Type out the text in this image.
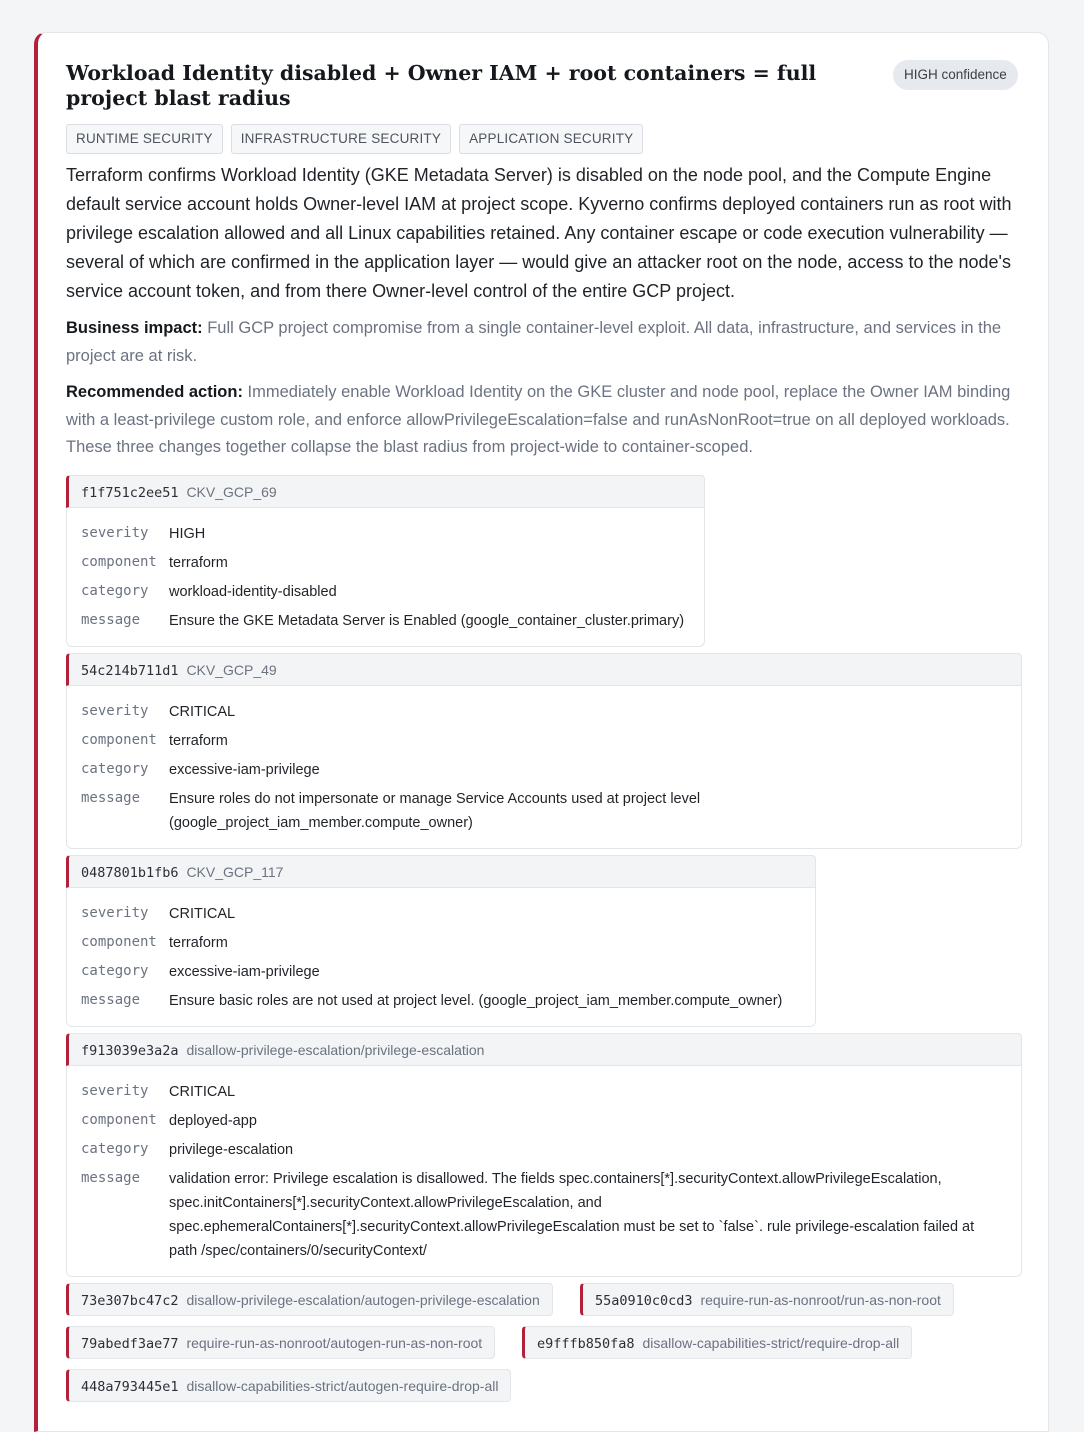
Workload Identity disabled + Owner IAM + root containers = full project blast radius
HIGH confidence
RUNTIME SECURITY	INFRASTRUCTURE SECURITY	APPLICATION SECURITY

Terraform confirms Workload Identity (GKE Metadata Server) is disabled on the node pool, and the Compute Engine default service account holds Owner-level IAM at project scope. Kyverno confirms deployed containers run as root with privilege escalation allowed and all Linux capabilities retained. Any container escape or code execution vulnerability — several of which are confirmed in the application layer — would give an attacker root on the node, access to the node's service account token, and from there Owner-level control of the entire GCP project.

Business impact: Full GCP project compromise from a single container-level exploit. All data, infrastructure, and services in the project are at risk.

Recommended action: Immediately enable Workload Identity on the GKE cluster and node pool, replace the Owner IAM binding with a least-privilege custom role, and enforce allowPrivilegeEscalation=false and runAsNonRoot=true on all deployed workloads. These three changes together collapse the blast radius from project-wide to container-scoped.

f1f751c2ee51 CKV_GCP_69
severity	HIGH
component terraform
category	workload-identity-disabled
message	Ensure the GKE Metadata Server is Enabled (google_container_cluster.primary)
54c214b711d1 CKV_GCP_49
severity	CRITICAL
component terraform
category	excessive-iam-privilege
message	Ensure roles do not impersonate or manage Service Accounts used at project level (google_project_iam_member.compute_owner)
0487801b1fb6 CKV_GCP_117
severity	CRITICAL
component terraform
category	excessive-iam-privilege
message	Ensure basic roles are not used at project level. (google_project_iam_member.compute_owner)
f913039e3a2a disallow-privilege-escalation/privilege-escalation
severity	CRITICAL
component deployed-app
category	privilege-escalation
message	validation error: Privilege escalation is disallowed. The fields spec.containers[*].securityContext.allowPrivilegeEscalation, spec.initContainers[*].securityContext.allowPrivilegeEscalation, and spec.ephemeralContainers[*].securityContext.allowPrivilegeEscalation must be set to `false`. rule privilege-escalation failed at path /spec/containers/0/securityContext/
73e307bc47c2 disallow-privilege-escalation/autogen-privilege-escalation	55a0910c0cd3 require-run-as-nonroot/run-as-non-root
79abedf3ae77 require-run-as-nonroot/autogen-run-as-non-root	e9fffb850fa8 disallow-capabilities-strict/require-drop-all
448a793445e1 disallow-capabilities-strict/autogen-require-drop-all
